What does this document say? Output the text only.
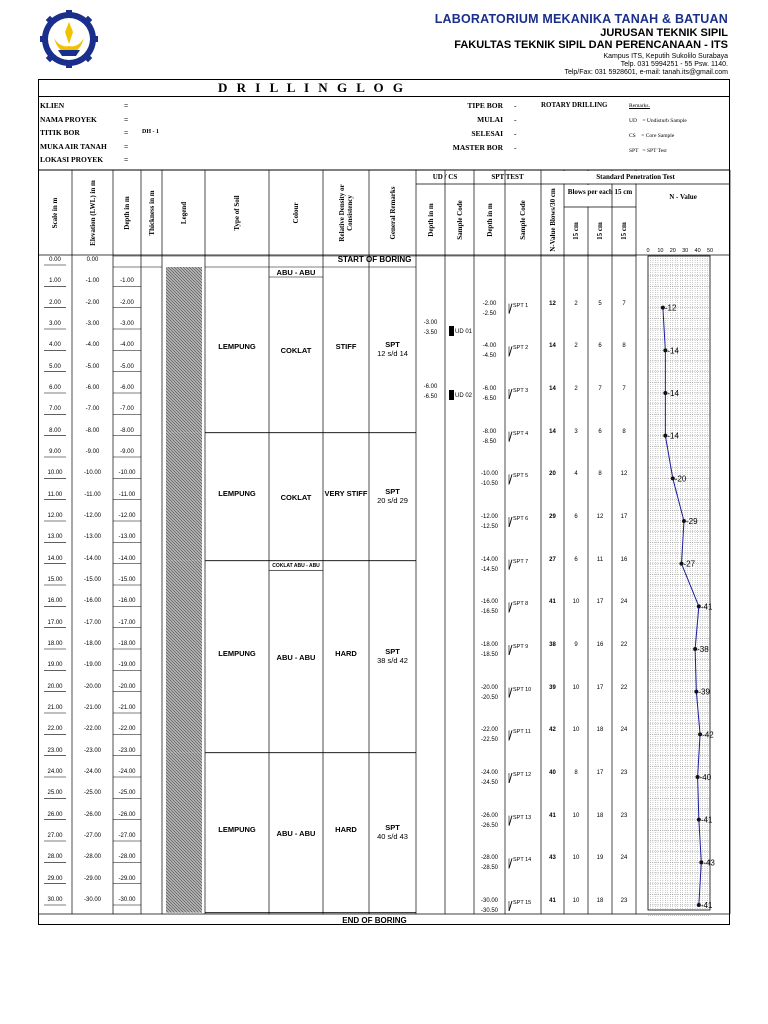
LABORATORIUM MEKANIKA TANAH & BATUAN
JURUSAN TEKNIK SIPIL
FAKULTAS TEKNIK SIPIL DAN PERENCANAAN - ITS
Kampus ITS, Keputih Sukolilo Surabaya
Telp. 031 5994251 - 55 Psw. 1140.
Telp/Fax: 031 5928601, e-mail: tanah.its@gmail.com
D R I L L I N G L O G
KLIEN	=
NAMA PROYEK	=
TITIK BOR	= DH - 1
MUKA AIR TANAH =
LOKASI PROYEK	=
TIPE BOR -	ROTARY DRILLING
MULAI -
SELESAI -
MASTER BOR -
Remarks.
UD    = Undisturb Sample
CS    = Core Sample
SPT   = SPT Test
0 10 20 30 40 50
-12
-14
-14
-14
-20
-29
-27
-41
-38
-39
-42
-40
-41
-43
-41
Scale in m	Elevation (LWL) in m	Depth in m Thickness in m	Legend	Type of Soil	Colour	Relative Density or Consistency	General Remarks	Depth in m	Sample Code	Depth in m	Sample Code	N-Value Blows/30 cm 15 cm 15 cm 15 cm
UD / CS	SPT TEST	Standard Penetration Test
Blows per each 15 cm
N - Value
START OF BORING
END OF BORING
0.00	0.00
1.00	-1.00	-1.00
2.00	-2.00	-2.00
3.00	-3.00	-3.00
4.00	-4.00	-4.00
5.00	-5.00	-5.00
6.00	-6.00	-6.00
7.00	-7.00	-7.00
8.00	-8.00	-8.00
9.00	-9.00	-9.00
10.00	-10.00	-10.00
11.00	-11.00	-11.00
12.00	-12.00	-12.00
13.00	-13.00	-13.00
14.00	-14.00	-14.00
15.00	-15.00	-15.00
16.00	-16.00	-16.00
17.00	-17.00	-17.00
18.00	-18.00	-18.00
19.00	-19.00	-19.00
20.00	-20.00	-20.00
21.00	-21.00	-21.00
22.00	-22.00	-22.00
23.00	-23.00	-23.00
24.00	-24.00	-24.00
25.00	-25.00	-25.00
26.00	-26.00	-26.00
27.00	-27.00	-27.00
28.00	-28.00	-28.00
29.00	-29.00	-29.00
30.00	-30.00	-30.00
LEMPUNG	COKLAT	STIFF	SPT
12 s/d 14
ABU - ABU
LEMPUNG	COKLAT	VERY STIFF	SPT
20 s/d 29
LEMPUNG	ABU - ABU	HARD	SPT
38 s/d 42
COKLAT ABU - ABU
LEMPUNG	ABU - ABU	HARD	SPT
40 s/d 43
-3.00
-3.50	UD 01
-6.00
-6.50	UD 02
-2.00
-2.50
SPT 1	12	2	5	7
-4.00
-4.50
SPT 2	14	2	6	8
-6.00
-6.50
SPT 3	14	2	7	7
-8.00
-8.50
SPT 4	14	3	6	8
-10.00
-10.50
SPT 5	20	4	8	12
-12.00
-12.50
SPT 6	29	6	12	17
-14.00
-14.50
SPT 7	27	6	11	16
-16.00
-16.50
SPT 8	41	10	17	24
-18.00
-18.50
SPT 9	38	9	16	22
-20.00
-20.50
SPT 10	39	10	17	22
-22.00
-22.50
SPT 11	42	10	18	24
-24.00
-24.50
SPT 12	40	8	17	23
-26.00
-26.50
SPT 13	41	10	18	23
-28.00
-28.50
SPT 14	43	10	19	24
-30.00
-30.50
SPT 15	41	10	18	23
